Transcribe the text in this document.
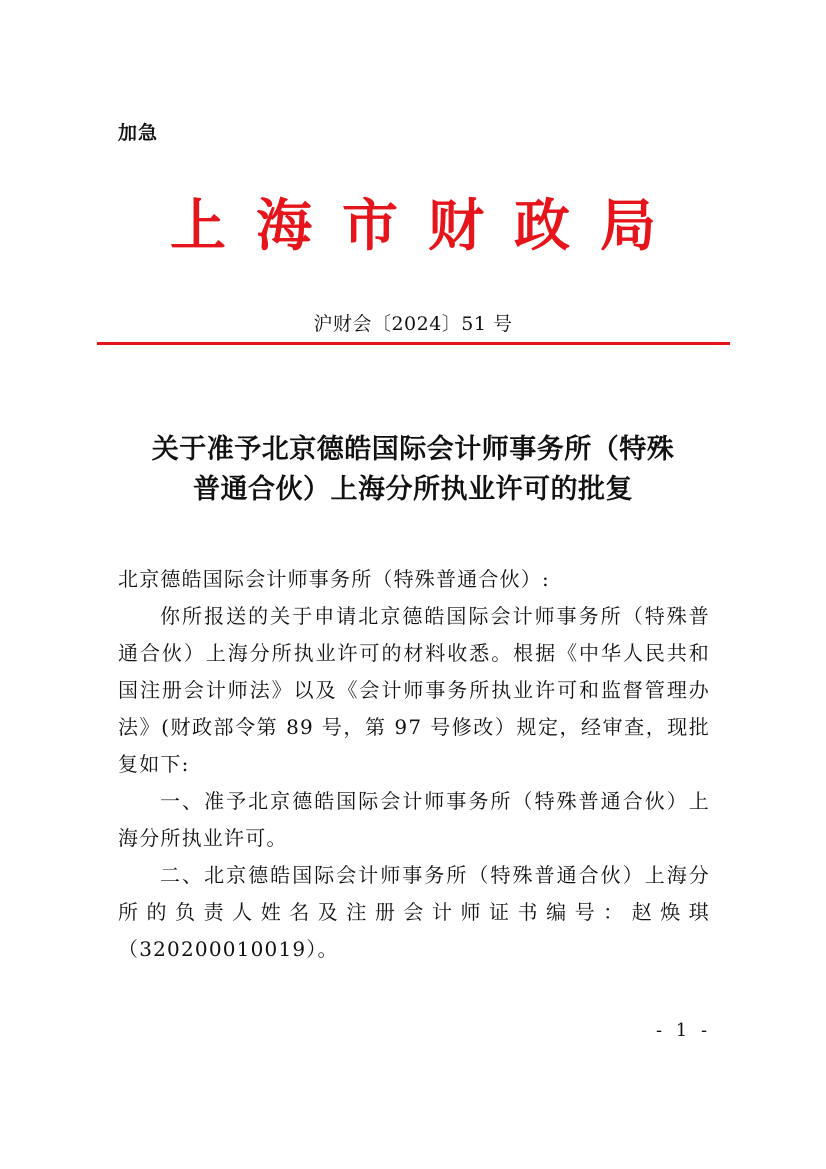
加急
上海市财政局
沪财会〔2024〕51 号
关于准予北京德皓国际会计师事务所（特殊
普通合伙）上海分所执业许可的批复

北京德皓国际会计师事务所（特殊普通合伙）:

你所报送的关于申请北京德皓国际会计师事务所（特殊普通合伙）上海分所执业许可的材料收悉。根据《中华人民共和国注册会计师法》以及《会计师事务所执业许可和监督管理办法》(财政部令第 89 号，第 97 号修改）规定，经审查，现批复如下:

一、准予北京德皓国际会计师事务所（特殊普通合伙）上海分所执业许可。

二、北京德皓国际会计师事务所（特殊普通合伙）上海分所的负责人姓名及注册会计师证书编号：赵焕琪（320200010019）。

- 1 -
